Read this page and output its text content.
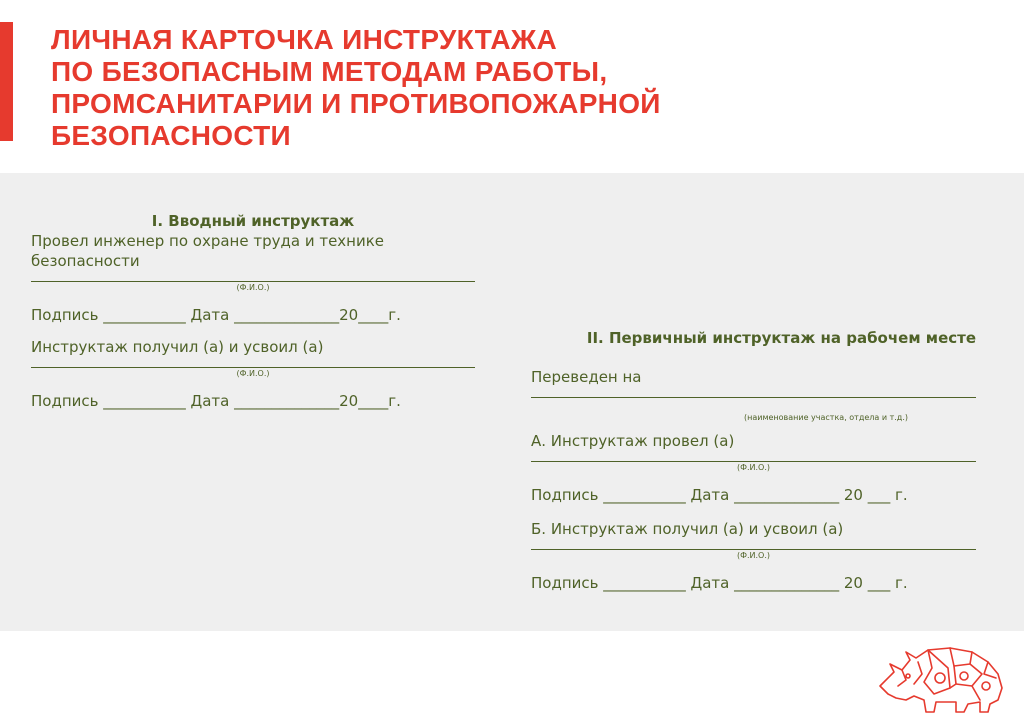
ЛИЧНАЯ КАРТОЧКА ИНСТРУКТАЖА
ПО БЕЗОПАСНЫМ МЕТОДАМ РАБОТЫ,
ПРОМСАНИТАРИИ И ПРОТИВОПОЖАРНОЙ
БЕЗОПАСНОСТИ

I. Вводный инструктаж

Провел инженер по охране труда и технике

безопасности

(Ф.И.О.)

Подпись ___________ Дата ______________20____г.

Инструктаж получил (а) и усвоил (а)

(Ф.И.О.)

Подпись ___________ Дата ______________20____г.

II. Первичный инструктаж на рабочем месте

Переведен на

(наименование участка, отдела и т.д.)

А. Инструктаж провел (а)

(Ф.И.О.)

Подпись ___________ Дата ______________ 20 ___ г.

Б. Инструктаж получил (а) и усвоил (а)

(Ф.И.О.)

Подпись ___________ Дата ______________ 20 ___ г.
